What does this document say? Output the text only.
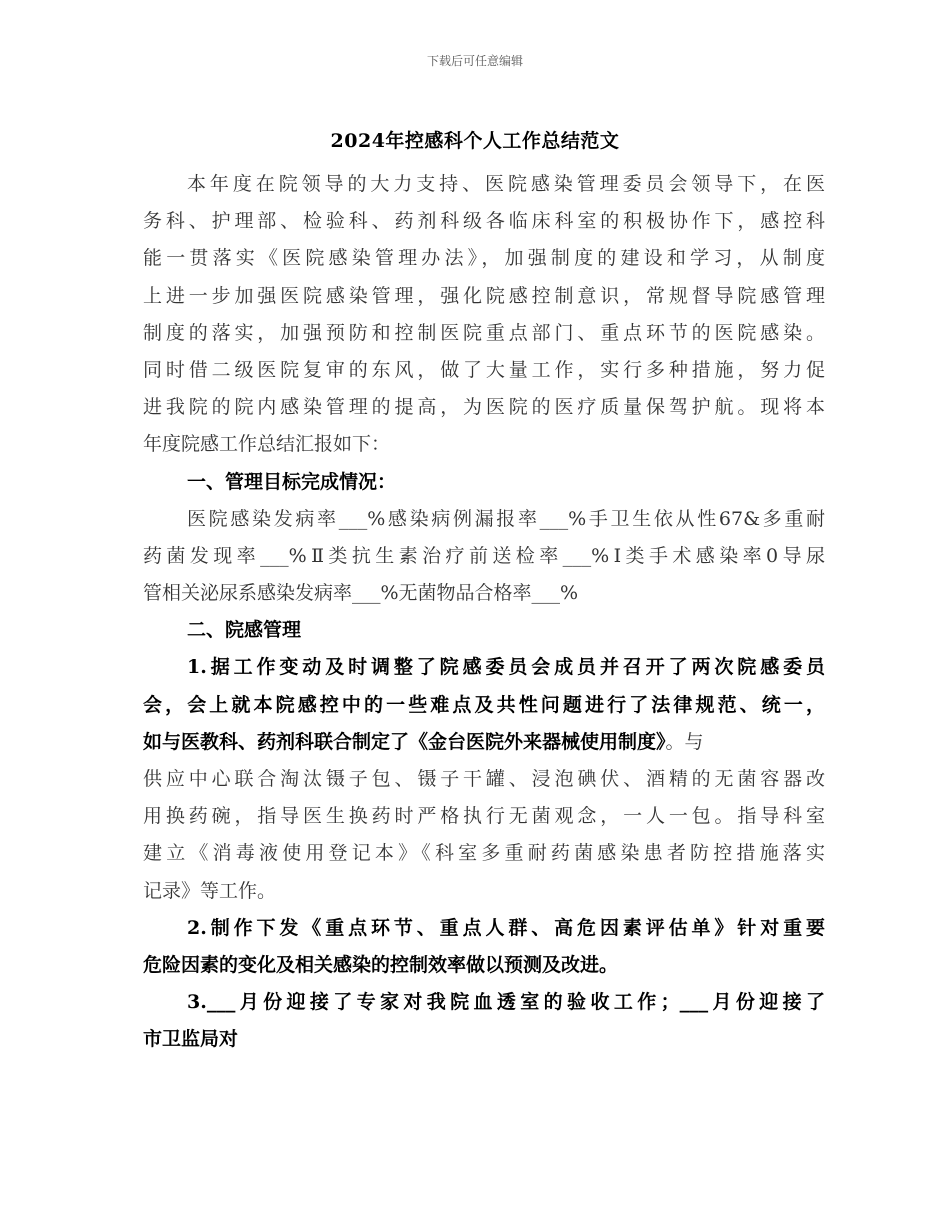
下载后可任意编辑
2024年控感科个人工作总结范文
本年度在院领导的大力支持、医院感染管理委员会领导下，在医
务科、护理部、检验科、药剂科级各临床科室的积极协作下，感控科
能一贯落实《医院感染管理办法》，加强制度的建设和学习，从制度
上进一步加强医院感染管理，强化院感控制意识，常规督导院感管理
制度的落实，加强预防和控制医院重点部门、重点环节的医院感染。
同时借二级医院复审的东风，做了大量工作，实行多种措施，努力促
进我院的院内感染管理的提高，为医院的医疗质量保驾护航。现将本
年度院感工作总结汇报如下：
一、管理目标完成情况：
医院感染发病率___%感染病例漏报率___%手卫生依从性67&多重耐
药菌发现率___%Ⅱ类抗生素治疗前送检率___%Ⅰ类手术感染率0导尿
管相关泌尿系感染发病率___%无菌物品合格率___%
二、院感管理
1.据工作变动及时调整了院感委员会成员并召开了两次院感委员
会，会上就本院感控中的一些难点及共性问题进行了法律规范、统一，
如与医教科、药剂科联合制定了《金台医院外来器械使用制度》。与
供应中心联合淘汰镊子包、镊子干罐、浸泡碘伏、酒精的无菌容器改
用换药碗，指导医生换药时严格执行无菌观念，一人一包。指导科室
建立《消毒液使用登记本》《科室多重耐药菌感染患者防控措施落实
记录》等工作。
2.制作下发《重点环节、重点人群、高危因素评估单》针对重要
危险因素的变化及相关感染的控制效率做以预测及改进。
3.___月份迎接了专家对我院血透室的验收工作；___月份迎接了
市卫监局对
